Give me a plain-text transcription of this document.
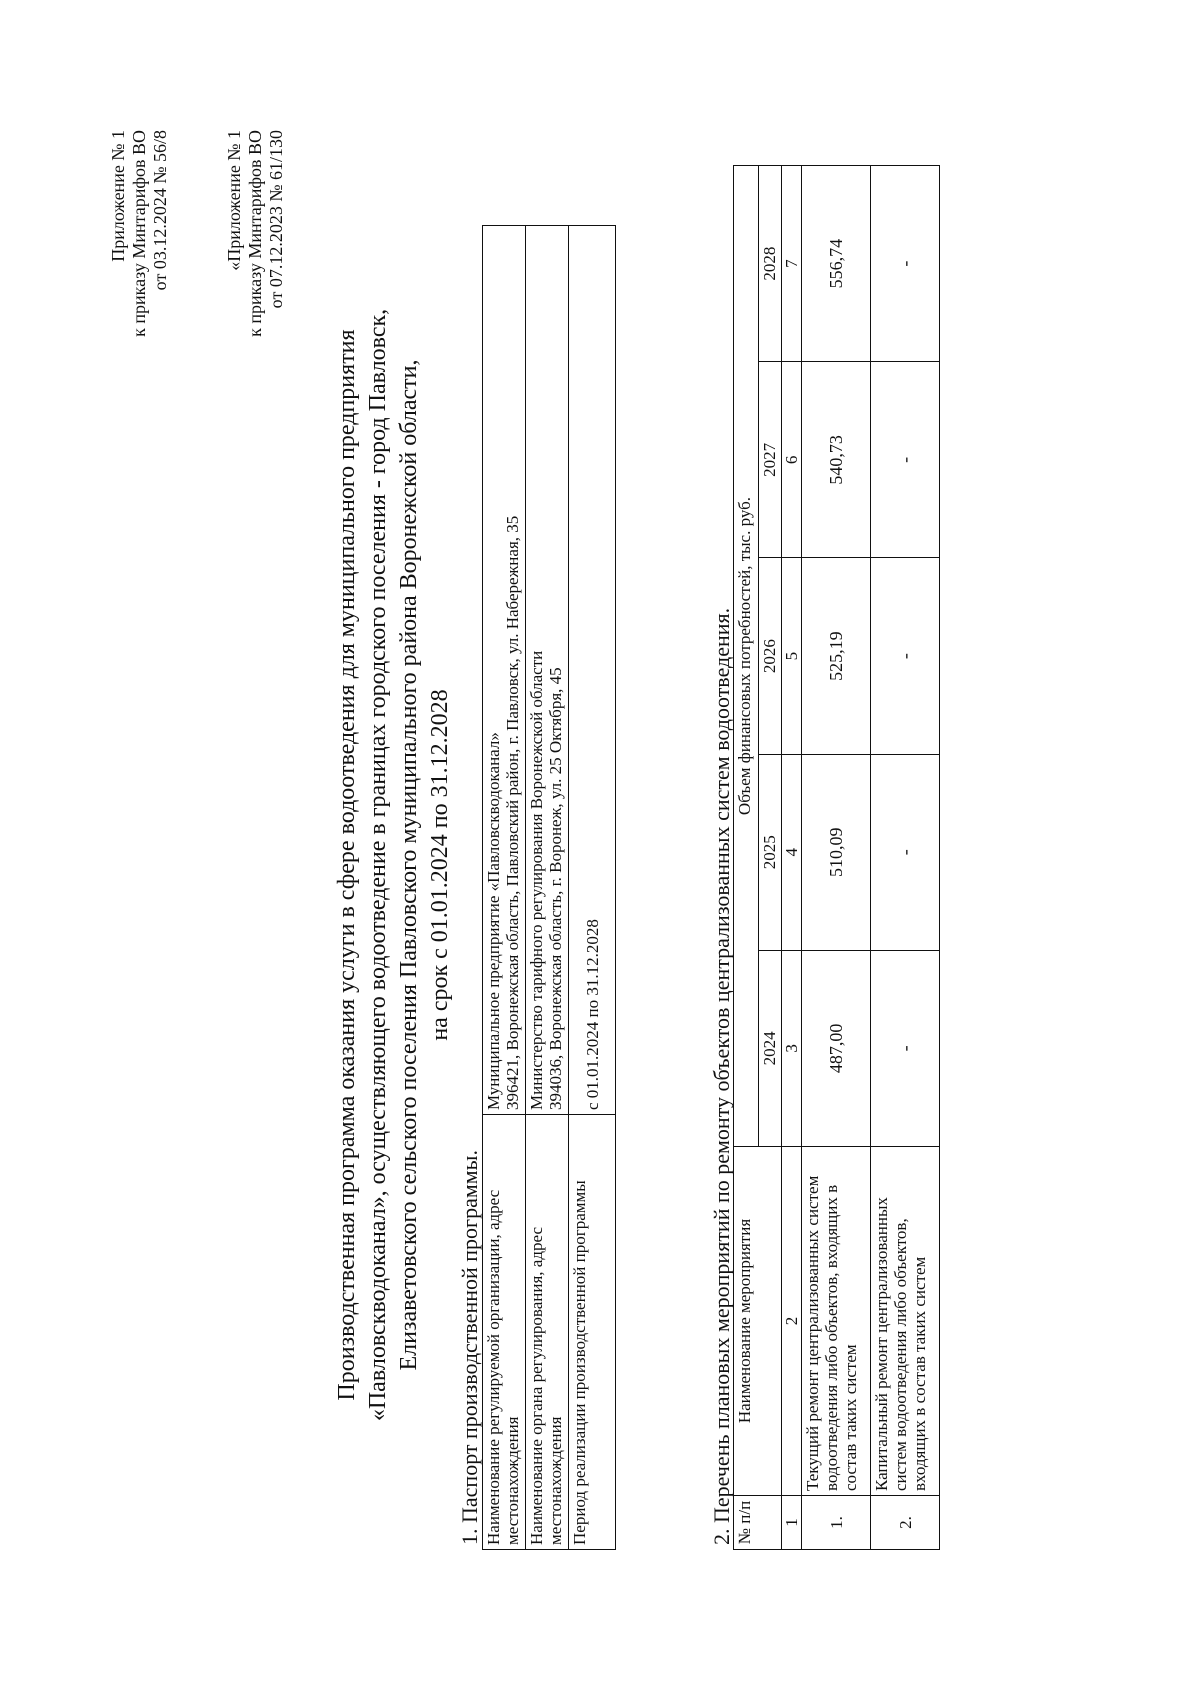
Приложение № 1 к приказу Минтарифов ВО от 03.12.2024 № 56/8	«Приложение № 1 к приказу Минтарифов ВО от 07.12.2023 № 61/130
Производственная программа оказания услуги в сфере водоотведения для муниципального предприятия «Павловскводоканал», осуществляющего водоотведение в границах городского поселения - город Павловск, Елизаветовского сельского поселения Павловского муниципального района Воронежской области, на срок с 01.01.2024 по 31.12.2028
1. Паспорт производственной программы. Наименование регулируемой организации, адрес местонахождения	Муниципальное предприятие «Павловскводоканал» 396421, Воронежская область, Павловский район, г. Павловск, ул. Набережная, 35

Наименование органа регулирования, адрес местонахождения	Министерство тарифного регулирования Воронежской области 394036, Воронежская область, г. Воронеж, ул. 25 Октября, 45

Период реализации производственной программы	с 01.01.2024 по 31.12.2028	2. Перечень плановых мероприятий по ремонту объектов централизованных систем водоотведения. № п/п	Наименование мероприятия	Объем финансовых потребностей, тыс. руб.				
		2024	2025	2026	2027	2028
1	2	3	4	5	6	7
1.	Текущий ремонт централизованных систем водоотведения либо объектов, входящих в состав таких систем	487,00	510,09	525,19	540,73	556,74
2.	Капитальный ремонт централизованных систем водоотведения либо объектов, входящих в состав таких систем	-	-	-	-	-
